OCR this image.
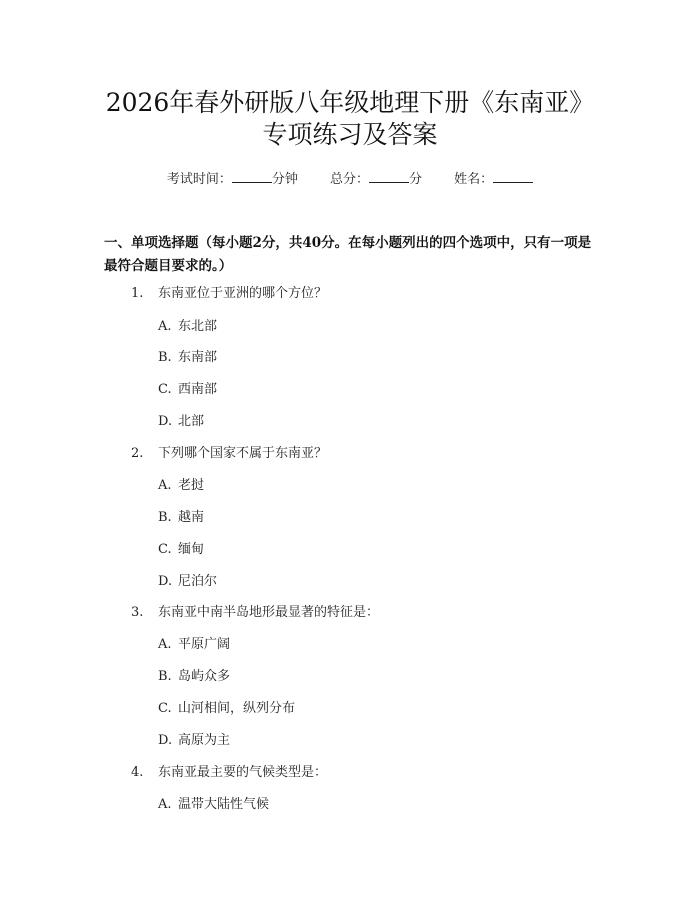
2026年春外研版八年级地理下册《东南亚》
专项练习及答案
考试时间：	分钟 总分：	分 姓名：
一、单项选择题（每小题2分，共40分。在每小题列出的四个选项中，只有一项是最符合题目要求的。）
1. 东南亚位于亚洲的哪个方位？
A. 东北部
B. 东南部
C. 西南部
D. 北部
2. 下列哪个国家不属于东南亚？
A. 老挝
B. 越南
C. 缅甸
D. 尼泊尔
3. 东南亚中南半岛地形最显著的特征是：
A. 平原广阔
B. 岛屿众多
C. 山河相间，纵列分布
D. 高原为主
4. 东南亚最主要的气候类型是：
A. 温带大陆性气候
